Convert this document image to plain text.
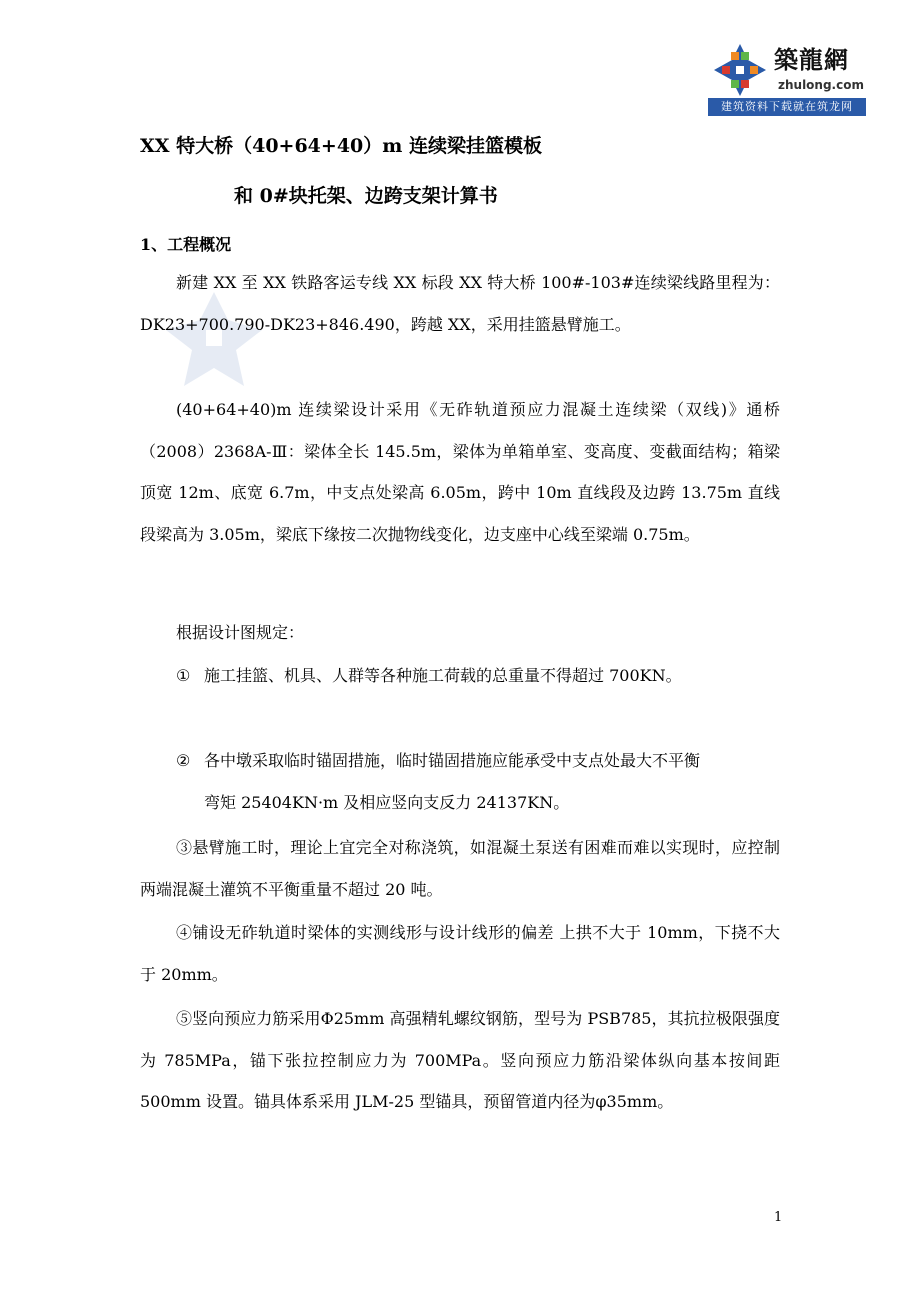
築龍網
zhulong.com
建筑资料下载就在筑龙网
XX 特大桥（40+64+40）m 连续梁挂篮模板
和 0#块托架、边跨支架计算书
1、工程概况

新建 XX 至 XX 铁路客运专线 XX 标段 XX 特大桥 100#-103#连续梁线路里程为：DK23+700.790-DK23+846.490，跨越 XX，采用挂篮悬臂施工。

(40+64+40)m 连续梁设计采用《无砟轨道预应力混凝土连续梁（双线)》通桥（2008）2368A-Ⅲ：梁体全长 145.5m，梁体为单箱单室、变高度、变截面结构；箱梁顶宽 12m、底宽 6.7m，中支点处梁高 6.05m，跨中 10m 直线段及边跨 13.75m 直线段梁高为 3.05m，梁底下缘按二次抛物线变化，边支座中心线至梁端 0.75m。

根据设计图规定：

① 施工挂篮、机具、人群等各种施工荷载的总重量不得超过 700KN。
② 各中墩采取临时锚固措施，临时锚固措施应能承受中支点处最大不平衡
弯矩 25404KN·m 及相应竖向支反力 24137KN。

③悬臂施工时，理论上宜完全对称浇筑，如混凝土泵送有困难而难以实现时，应控制两端混凝土灌筑不平衡重量不超过 20 吨。

④铺设无砟轨道时梁体的实测线形与设计线形的偏差 上拱不大于 10mm，下挠不大于 20mm。

⑤竖向预应力筋采用Φ25mm 高强精轧螺纹钢筋，型号为 PSB785，其抗拉极限强度为 785MPa，锚下张拉控制应力为 700MPa。竖向预应力筋沿梁体纵向基本按间距 500mm 设置。锚具体系采用 JLM-25 型锚具，预留管道内径为φ35mm。

1
